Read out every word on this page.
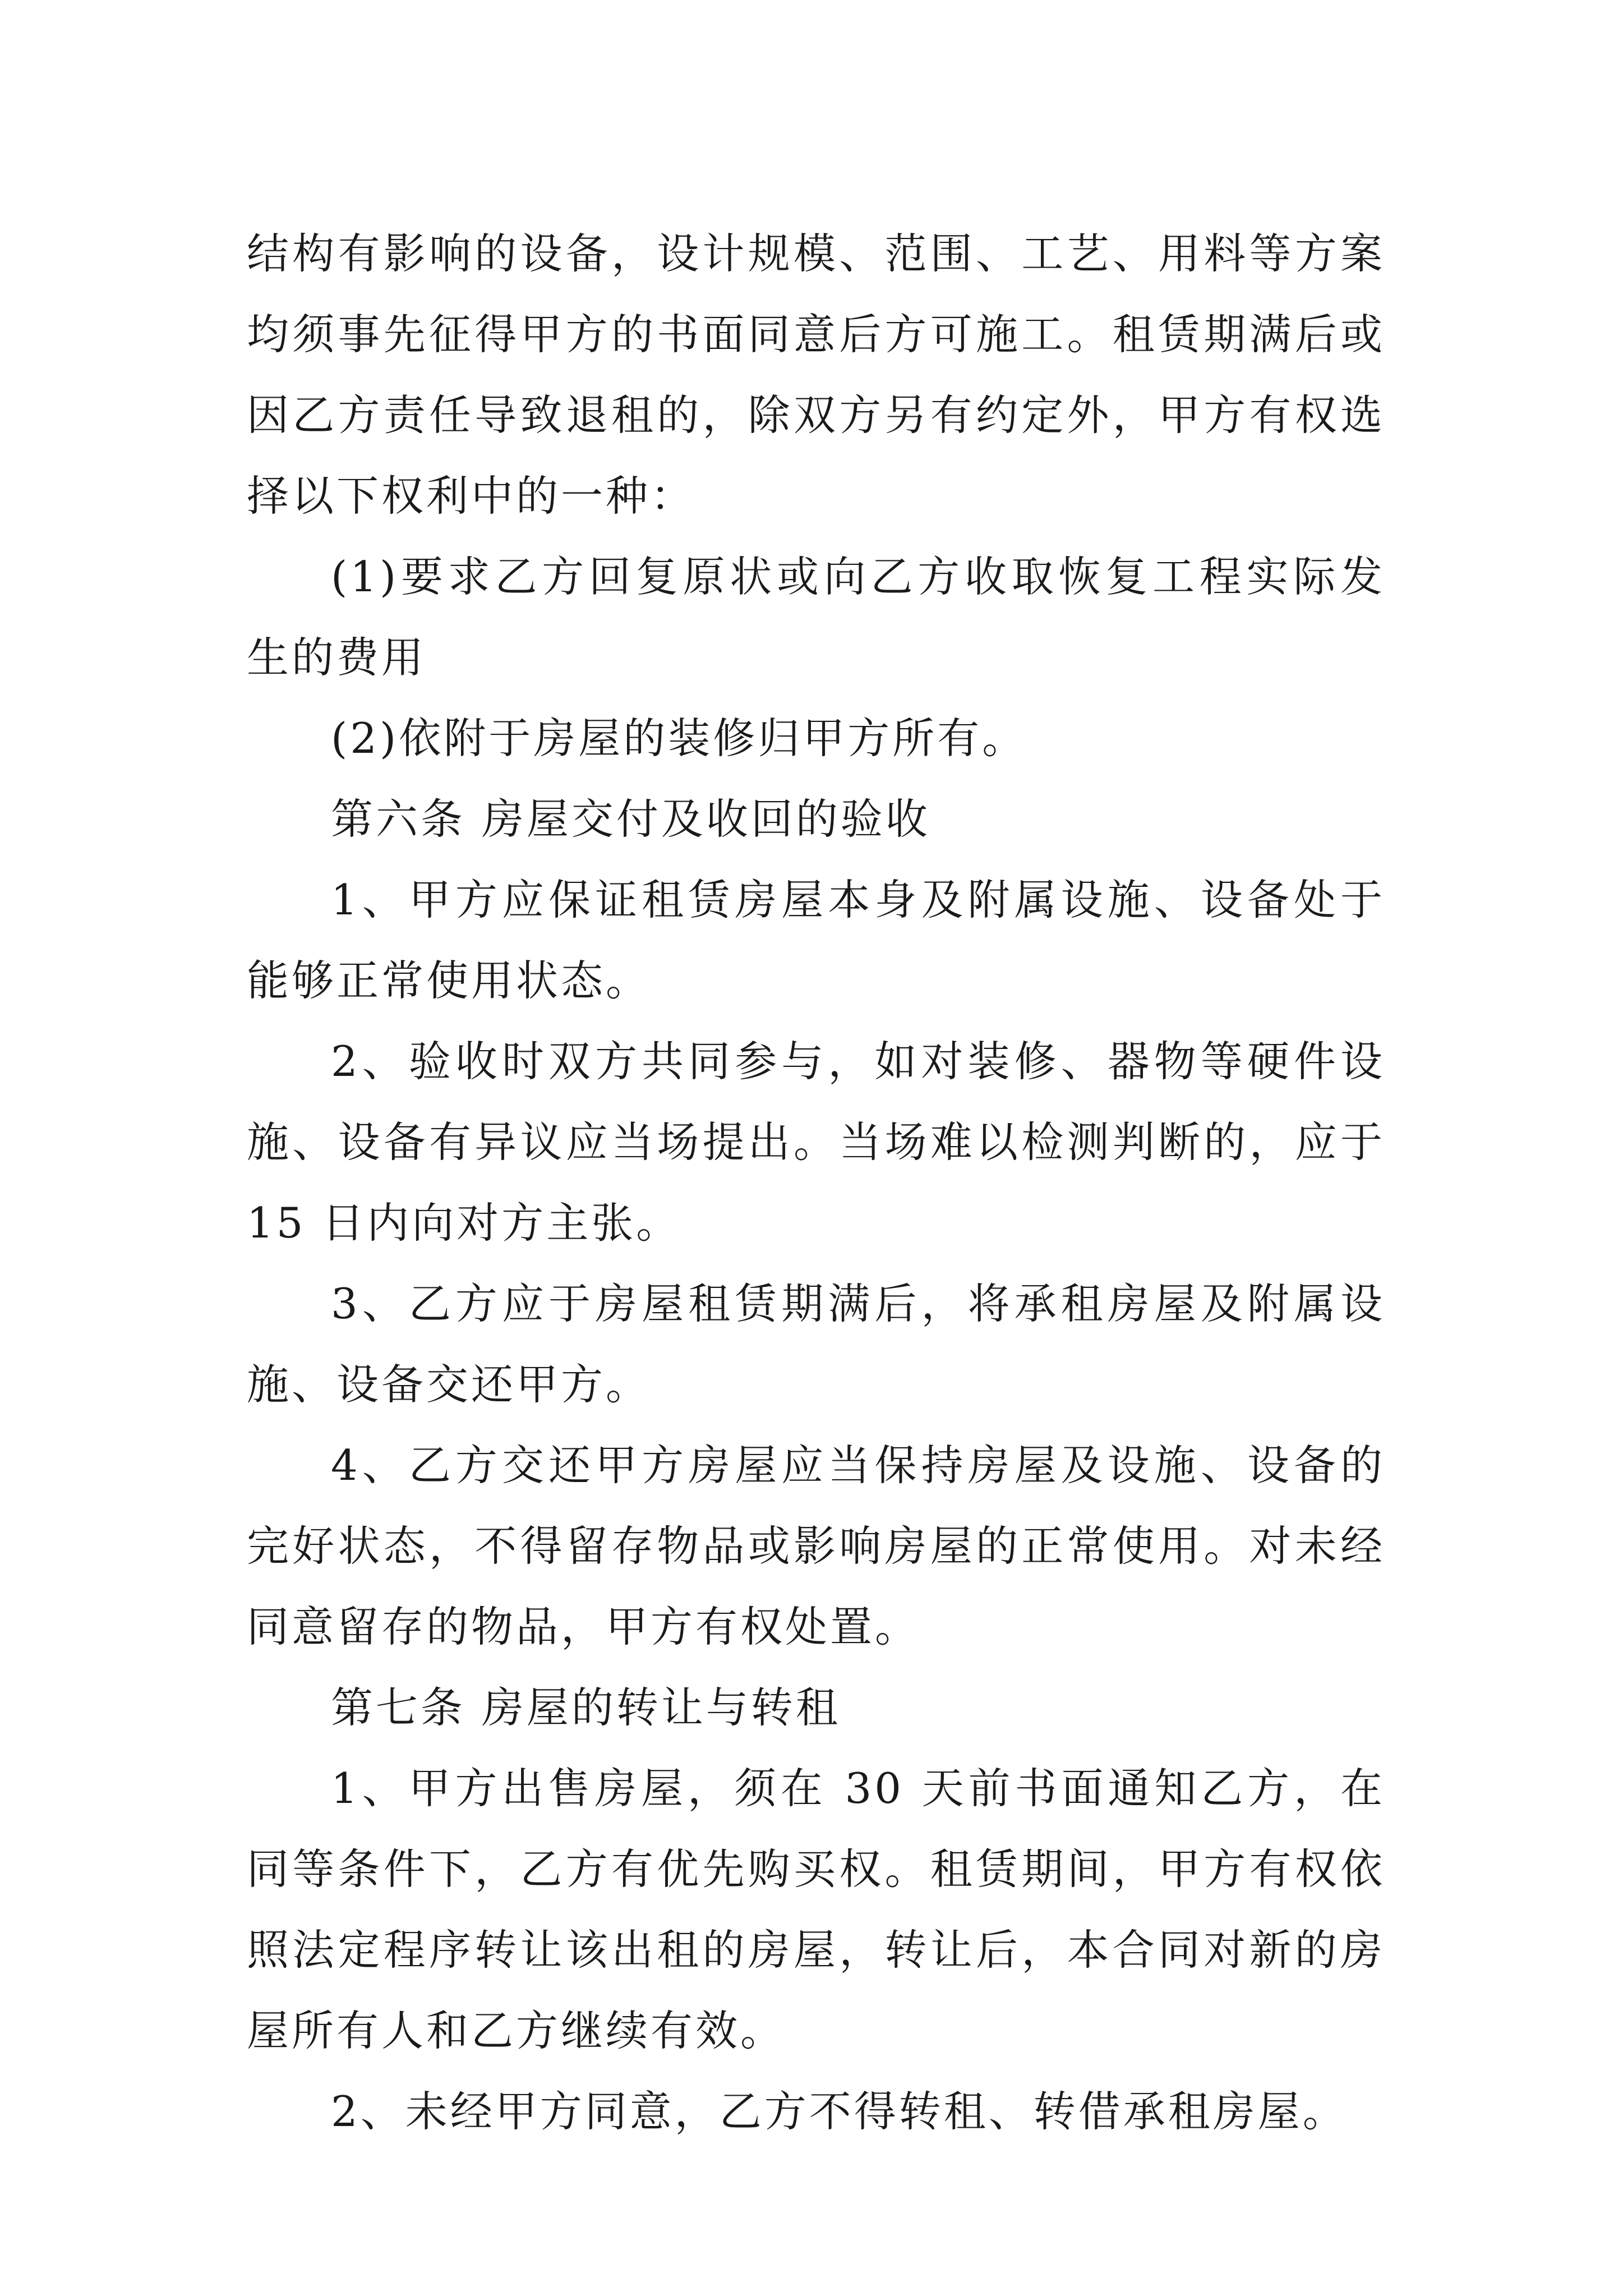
结构有影响的设备，设计规模、范围、工艺、用料等方案均须事先征得甲方的书面同意后方可施工。租赁期满后或因乙方责任导致退租的，除双方另有约定外，甲方有权选择以下权利中的一种：

(1)要求乙方回复原状或向乙方收取恢复工程实际发生的费用

(2)依附于房屋的装修归甲方所有。

第六条 房屋交付及收回的验收

1、甲方应保证租赁房屋本身及附属设施、设备处于能够正常使用状态。

2、验收时双方共同参与，如对装修、器物等硬件设施、设备有异议应当场提出。当场难以检测判断的，应于 15 日内向对方主张。

3、乙方应于房屋租赁期满后，将承租房屋及附属设施、设备交还甲方。

4、乙方交还甲方房屋应当保持房屋及设施、设备的完好状态，不得留存物品或影响房屋的正常使用。对未经同意留存的物品，甲方有权处置。

第七条 房屋的转让与转租

1、甲方出售房屋，须在 30 天前书面通知乙方，在同等条件下，乙方有优先购买权。租赁期间，甲方有权依照法定程序转让该出租的房屋，转让后，本合同对新的房屋所有人和乙方继续有效。

2、未经甲方同意，乙方不得转租、转借承租房屋。
